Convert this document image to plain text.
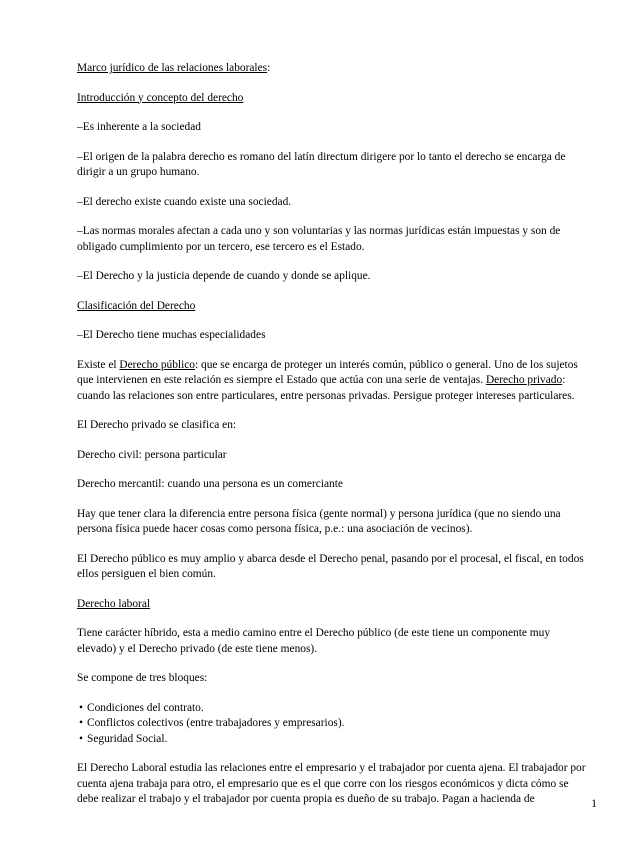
Marco jurídico de las relaciones laborales:

Introducción y concepto del derecho

–Es inherente a la sociedad

–El origen de la palabra derecho es romano del latín directum dirigere por lo tanto el derecho se encarga de dirigir a un grupo humano.

–El derecho existe cuando existe una sociedad.

–Las normas morales afectan a cada uno y son voluntarias y las normas jurídicas están impuestas y son de obligado cumplimiento por un tercero, ese tercero es el Estado.

–El Derecho y la justicia depende de cuando y donde se aplique.

Clasificación del Derecho

–El Derecho tiene muchas especialidades

Existe el Derecho público: que se encarga de proteger un interés común, público o general. Uno de los sujetos que intervienen en este relación es siempre el Estado que actúa con una serie de ventajas. Derecho privado: cuando las relaciones son entre particulares, entre personas privadas. Persigue proteger intereses particulares.

El Derecho privado se clasifica en:

Derecho civil: persona particular

Derecho mercantil: cuando una persona es un comerciante

Hay que tener clara la diferencia entre persona física (gente normal) y persona jurídica (que no siendo una persona física puede hacer cosas como persona física, p.e.: una asociación de vecinos).

El Derecho público es muy amplio y abarca desde el Derecho penal, pasando por el procesal, el fiscal, en todos ellos persiguen el bien común.

Derecho laboral

Tiene carácter híbrido, esta a medio camino entre el Derecho público (de este tiene un componente muy elevado) y el Derecho privado (de este tiene menos).

Se compone de tres bloques:

• Condiciones del contrato.
• Conflictos colectivos (entre trabajadores y empresarios).
• Seguridad Social.

El Derecho Laboral estudia las relaciones entre el empresario y el trabajador por cuenta ajena. El trabajador por cuenta ajena trabaja para otro, el empresario que es el que corre con los riesgos económicos y dicta cómo se debe realizar el trabajo y el trabajador por cuenta propia es dueño de su trabajo. Pagan a hacienda de	1
